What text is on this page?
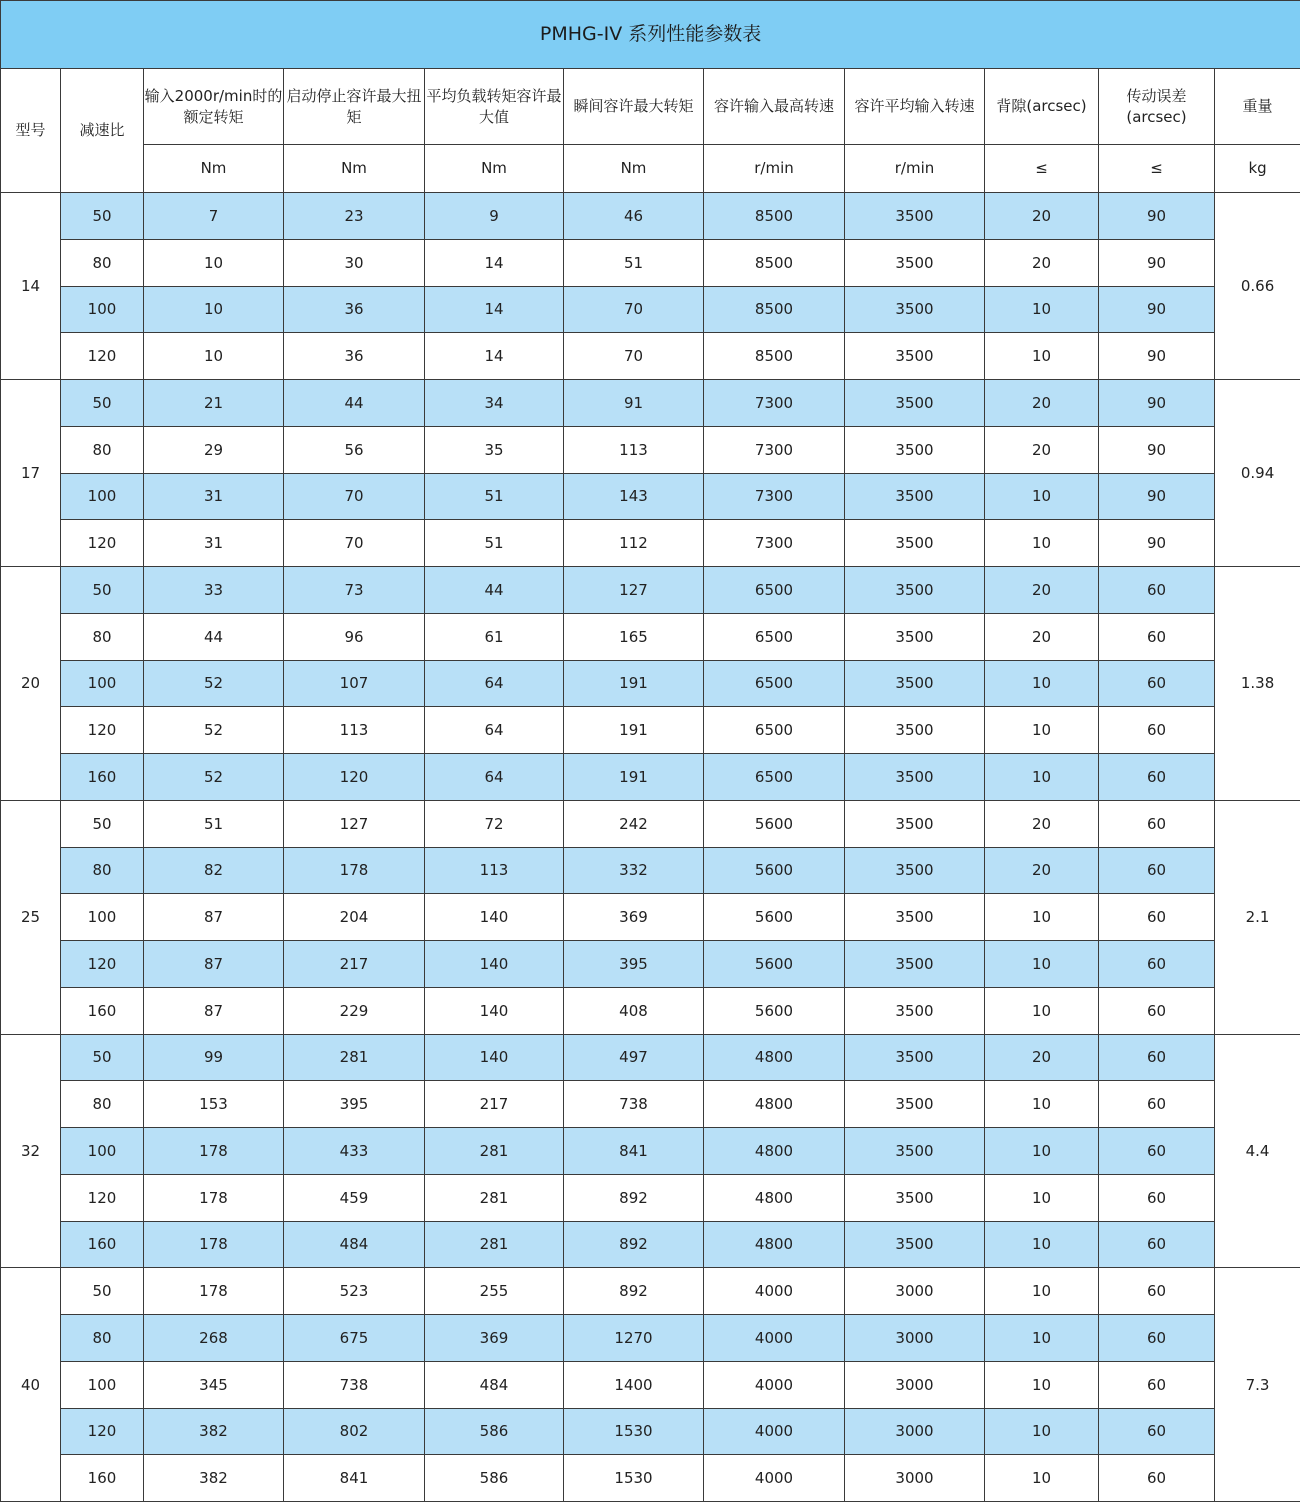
PMHG-IV 系列性能参数表										
型号	减速比	输入2000r/min时的额定转矩	启动停止容许最大扭矩	平均负载转矩容许最大值	瞬间容许最大转矩	容许输入最高转速	容许平均输入转速	背隙(arcsec)	传动误差(arcsec)	重量
		Nm	Nm	Nm	Nm	r/min	r/min	≤	≤	kg
14	50	7	23	9	46	8500	3500	20	90	0.66
	80	10	30	14	51	8500	3500	20	90	
	100	10	36	14	70	8500	3500	10	90	
	120	10	36	14	70	8500	3500	10	90	
17	50	21	44	34	91	7300	3500	20	90	0.94
	80	29	56	35	113	7300	3500	20	90	
	100	31	70	51	143	7300	3500	10	90	
	120	31	70	51	112	7300	3500	10	90	
20	50	33	73	44	127	6500	3500	20	60	1.38
	80	44	96	61	165	6500	3500	20	60	
	100	52	107	64	191	6500	3500	10	60	
	120	52	113	64	191	6500	3500	10	60	
	160	52	120	64	191	6500	3500	10	60	
25	50	51	127	72	242	5600	3500	20	60	2.1
	80	82	178	113	332	5600	3500	20	60	
	100	87	204	140	369	5600	3500	10	60	
	120	87	217	140	395	5600	3500	10	60	
	160	87	229	140	408	5600	3500	10	60	
32	50	99	281	140	497	4800	3500	20	60	4.4
	80	153	395	217	738	4800	3500	10	60	
	100	178	433	281	841	4800	3500	10	60	
	120	178	459	281	892	4800	3500	10	60	
	160	178	484	281	892	4800	3500	10	60	
40	50	178	523	255	892	4000	3000	10	60	7.3
	80	268	675	369	1270	4000	3000	10	60	
	100	345	738	484	1400	4000	3000	10	60	
	120	382	802	586	1530	4000	3000	10	60	
	160	382	841	586	1530	4000	3000	10	60	
